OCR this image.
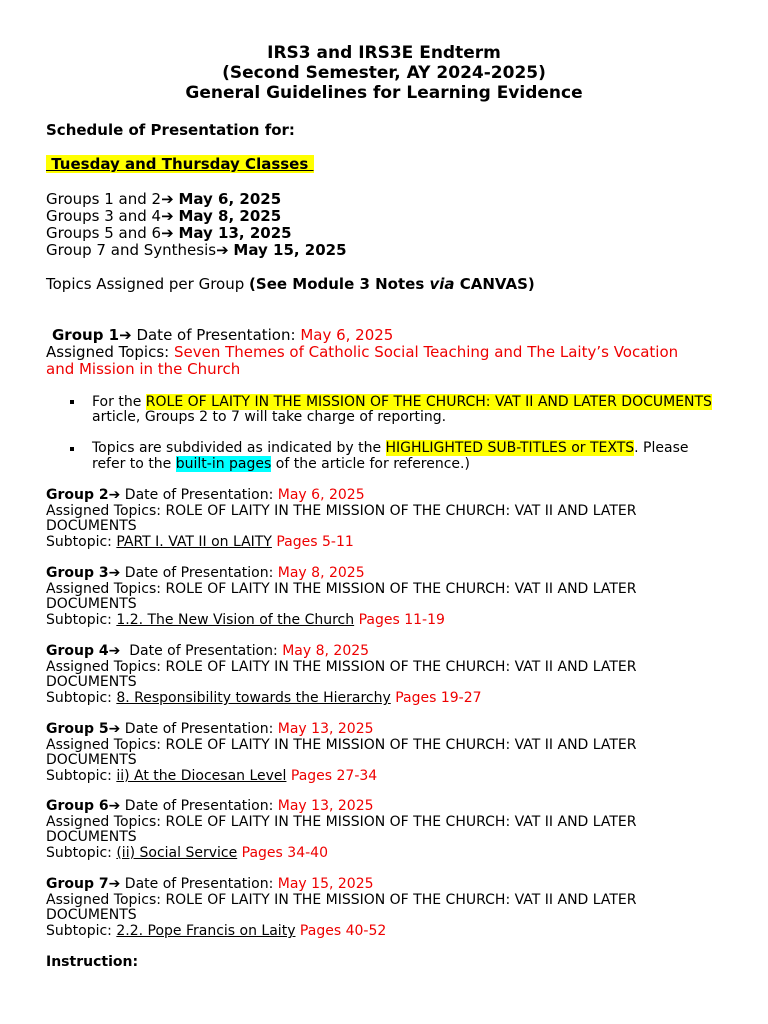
IRS3 and IRS3E Endterm
(Second Semester, AY 2024-2025)
General Guidelines for Learning Evidence
Schedule of Presentation for:
Tuesday and Thursday Classes
Groups 1 and 2➔ May 6, 2025
Groups 3 and 4➔ May 8, 2025
Groups 5 and 6➔ May 13, 2025
Group 7 and Synthesis➔ May 15, 2025
Topics Assigned per Group (See Module 3 Notes via CANVAS)
Group 1➔ Date of Presentation: May 6, 2025
Assigned Topics: Seven Themes of Catholic Social Teaching and The Laity’s Vocation
and Mission in the Church
For the ROLE OF LAITY IN THE MISSION OF THE CHURCH: VAT II AND LATER DOCUMENTS
article, Groups 2 to 7 will take charge of reporting.
Topics are subdivided as indicated by the HIGHLIGHTED SUB-TITLES or TEXTS. Please
refer to the built-in pages of the article for reference.)
Group 2➔ Date of Presentation: May 6, 2025
Assigned Topics: ROLE OF LAITY IN THE MISSION OF THE CHURCH: VAT II AND LATER
DOCUMENTS
Subtopic: PART I. VAT II on LAITY Pages 5-11
Group 3➔ Date of Presentation: May 8, 2025
Assigned Topics: ROLE OF LAITY IN THE MISSION OF THE CHURCH: VAT II AND LATER
DOCUMENTS
Subtopic: 1.2. The New Vision of the Church Pages 11-19
Group 4➔  Date of Presentation: May 8, 2025
Assigned Topics: ROLE OF LAITY IN THE MISSION OF THE CHURCH: VAT II AND LATER
DOCUMENTS
Subtopic: 8. Responsibility towards the Hierarchy Pages 19-27
Group 5➔ Date of Presentation: May 13, 2025
Assigned Topics: ROLE OF LAITY IN THE MISSION OF THE CHURCH: VAT II AND LATER
DOCUMENTS
Subtopic: ii) At the Diocesan Level Pages 27-34
Group 6➔ Date of Presentation: May 13, 2025
Assigned Topics: ROLE OF LAITY IN THE MISSION OF THE CHURCH: VAT II AND LATER
DOCUMENTS
Subtopic: (ii) Social Service Pages 34-40
Group 7➔ Date of Presentation: May 15, 2025
Assigned Topics: ROLE OF LAITY IN THE MISSION OF THE CHURCH: VAT II AND LATER
DOCUMENTS
Subtopic: 2.2. Pope Francis on Laity Pages 40-52
Instruction:
